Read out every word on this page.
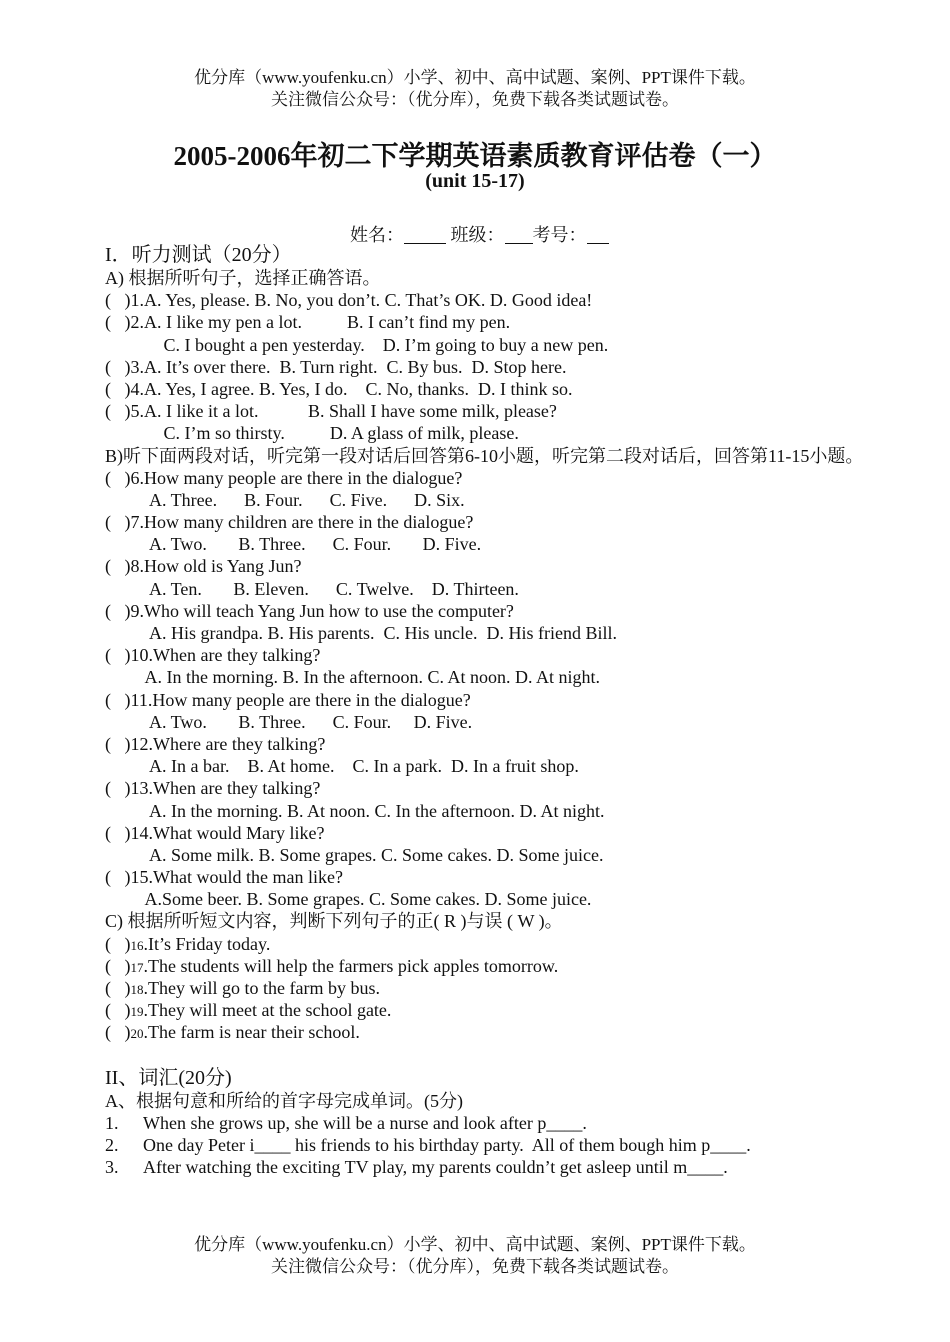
优分库（www.youfenku.cn）小学、初中、高中试题、案例、PPT课件下载。
关注微信公众号：（优分库），免费下载各类试题试卷。
2005-2006年初二下学期英语素质教育评估卷（一）
(unit 15-17)
姓名： 班级： 考号：
I．听力测试（20分）
A) 根据所听句子，选择正确答语。
(   )1.A. Yes, please. B. No, you don’t. C. That’s OK. D. Good idea!
(   )2.A. I like my pen a lot.          B. I can’t find my pen.
C. I bought a pen yesterday.    D. I’m going to buy a new pen.
(   )3.A. It’s over there.  B. Turn right.  C. By bus.  D. Stop here.
(   )4.A. Yes, I agree. B. Yes, I do.    C. No, thanks.  D. I think so.
(   )5.A. I like it a lot.           B. Shall I have some milk, please?
C. I’m so thirsty.          D. A glass of milk, please.
B)听下面两段对话，听完第一段对话后回答第6-10小题，听完第二段对话后，回答第11-15小题。
(   )6.How many people are there in the dialogue?
A. Three.      B. Four.      C. Five.      D. Six.
(   )7.How many children are there in the dialogue?
A. Two.       B. Three.      C. Four.       D. Five.
(   )8.How old is Yang Jun?
A. Ten.       B. Eleven.      C. Twelve.    D. Thirteen.
(   )9.Who will teach Yang Jun how to use the computer?
A. His grandpa. B. His parents.  C. His uncle.  D. His friend Bill.
(   )10.When are they talking?
A. In the morning. B. In the afternoon. C. At noon. D. At night.
(   )11.How many people are there in the dialogue?
A. Two.       B. Three.      C. Four.     D. Five.
(   )12.Where are they talking?
A. In a bar.    B. At home.    C. In a park.  D. In a fruit shop.
(   )13.When are they talking?
A. In the morning. B. At noon. C. In the afternoon. D. At night.
(   )14.What would Mary like?
A. Some milk. B. Some grapes. C. Some cakes. D. Some juice.
(   )15.What would the man like?
A.Some beer. B. Some grapes. C. Some cakes. D. Some juice.
C) 根据所听短文内容，判断下列句子的正( R )与误 ( W )。
(   )16.It’s Friday today.
(   )17.The students will help the farmers pick apples tomorrow.
(   )18.They will go to the farm by bus.
(   )19.They will meet at the school gate.
(   )20.The farm is near their school.
II、词汇(20分)
A、根据句意和所给的首字母完成单词。(5分)
1. When she grows up, she will be a nurse and look after p____.
2. One day Peter i____ his friends to his birthday party.  All of them bough him p____.
3. After watching the exciting TV play, my parents couldn’t get asleep until m____.
优分库（www.youfenku.cn）小学、初中、高中试题、案例、PPT课件下载。
关注微信公众号：（优分库），免费下载各类试题试卷。
